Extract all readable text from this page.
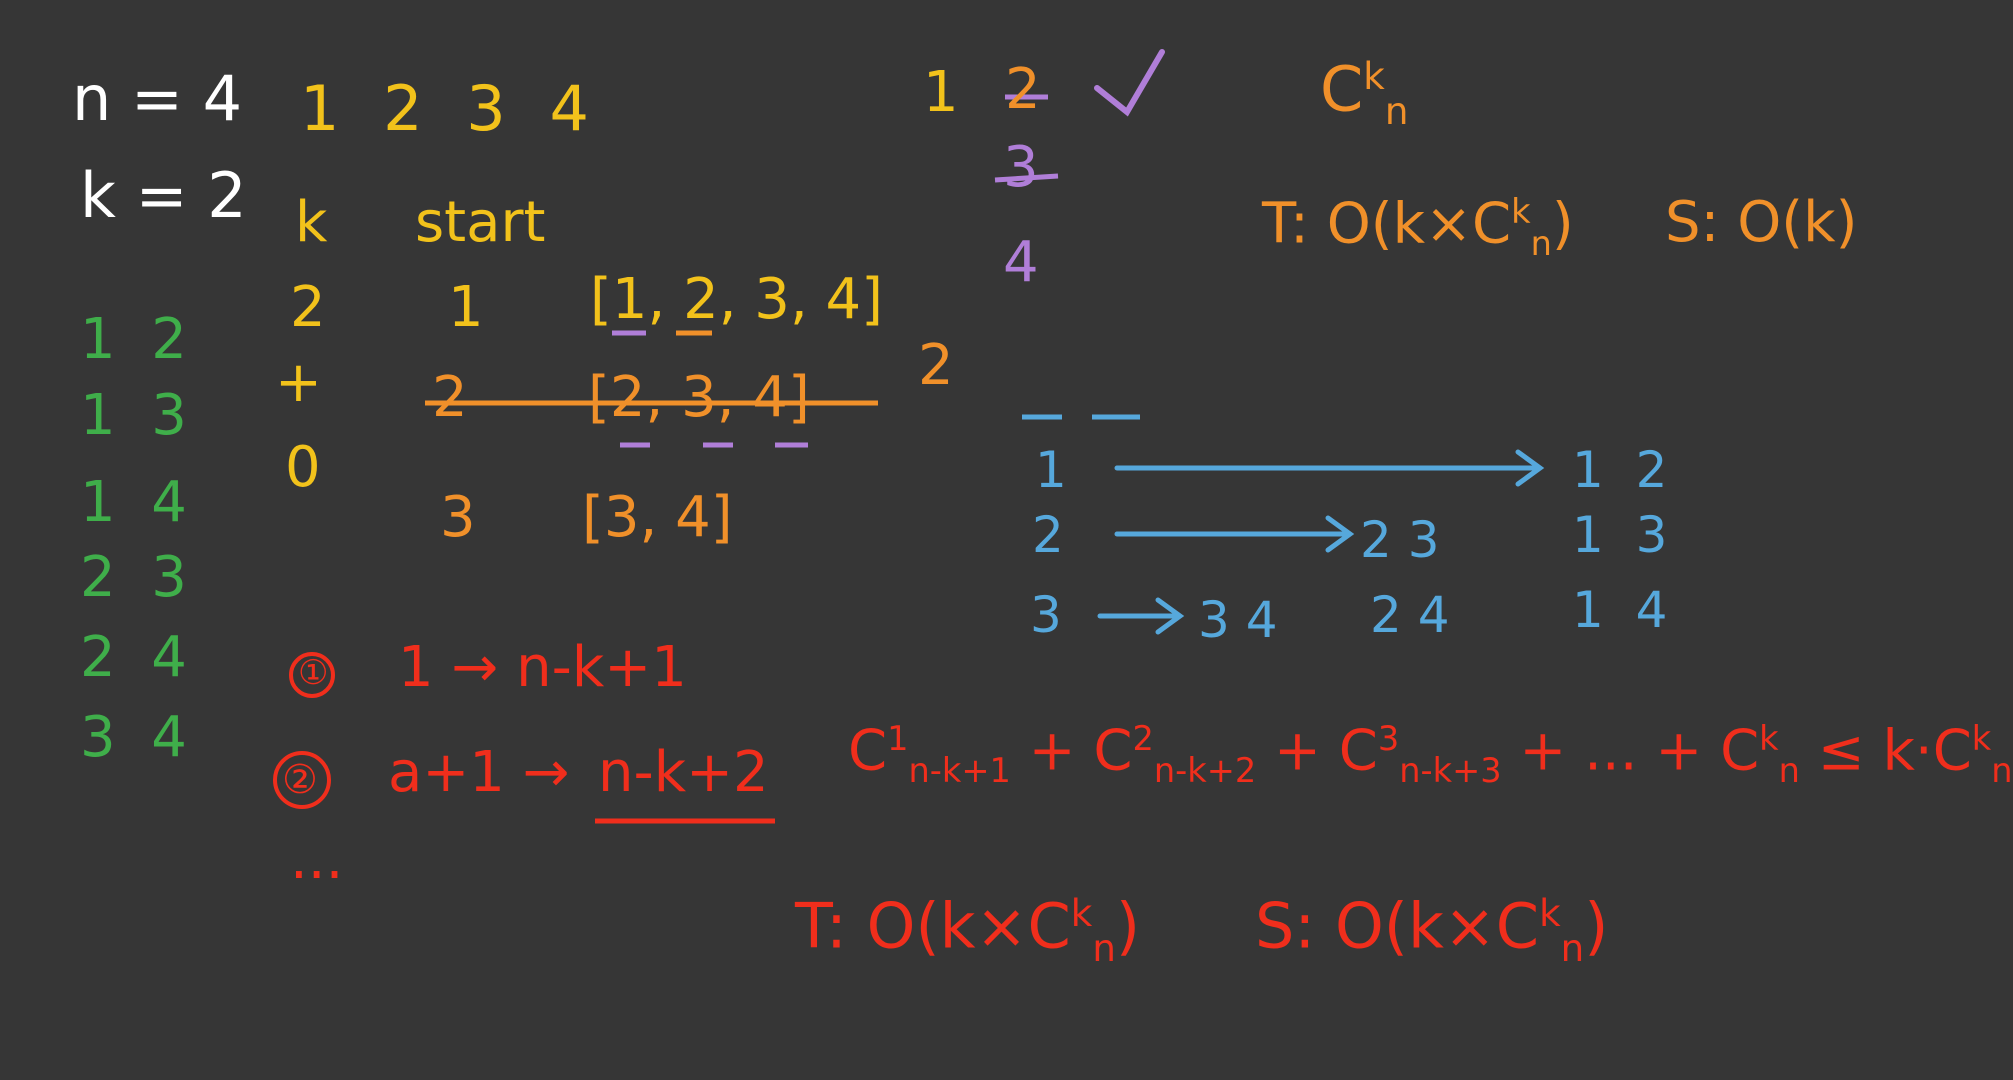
n = 4
k = 2
1 2 3 4
k start
2
+
0
1 [1, 2, 3, 4]
2 [2, 3, 4]
3 [3, 4]
2
1  2
1  3
1  4
2  3
2  4
3  4
1 2
3
4
$C^k_n$
T: $O(k\times C^k_n)$ S: O(k)
1
2	2 3
3	3 4 2 4
1  2
1  3
1  4
1 → n-k+1
a+1 → n-k+2
...
$C^1_{n-k+1} + C^2_{n-k+2} + C^3_{n-k+3}$ + ... + $C^k_n \le k\cdot C^k_n$
T: $O(k\times C^k_n)$ S: $O(k\times C^k_n)$
①
②
